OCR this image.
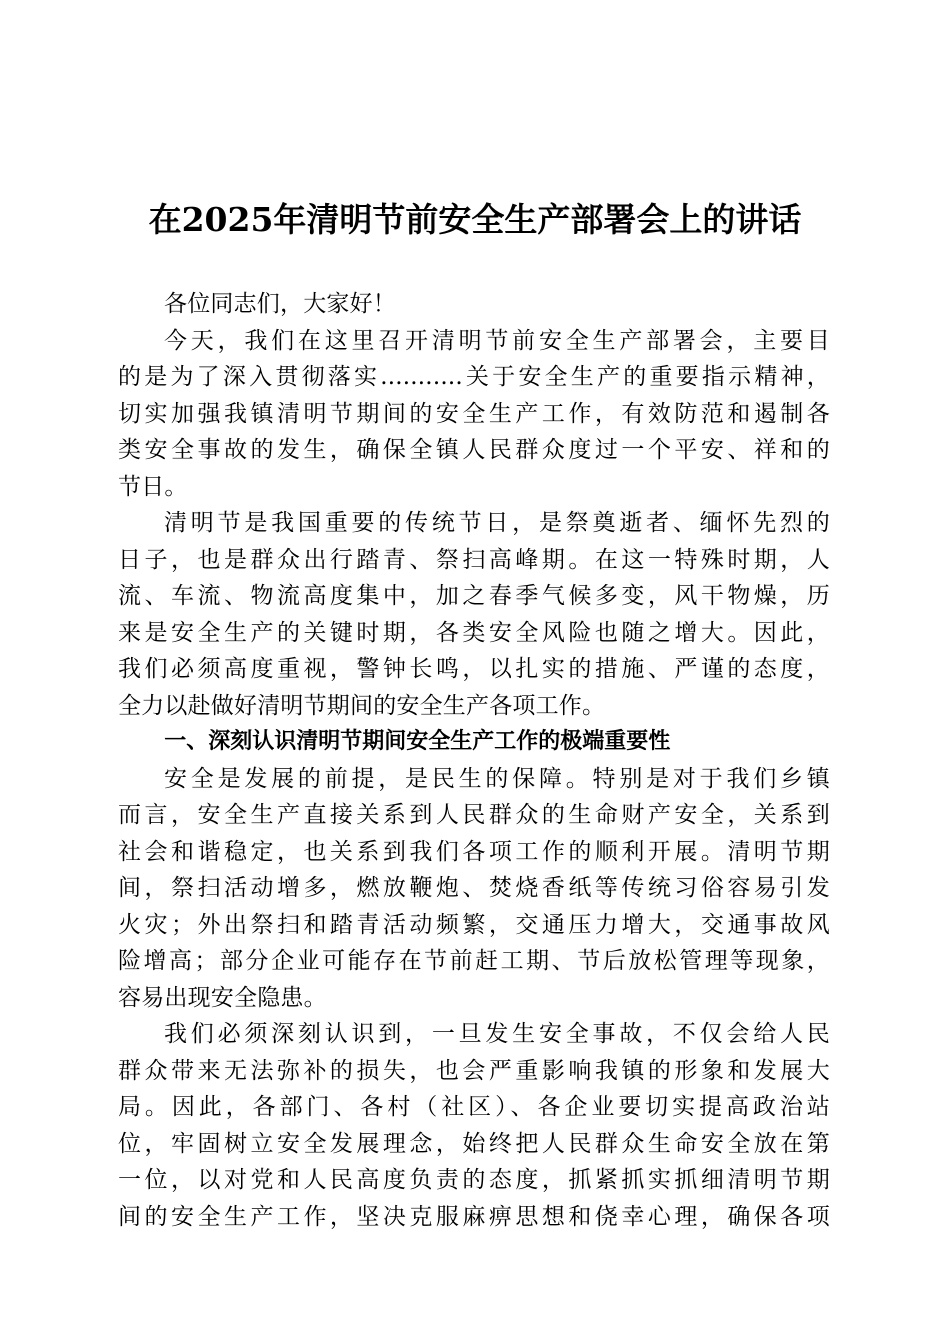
在2025年清明节前安全生产部署会上的讲话

各位同志们，大家好！

今天，我们在这里召开清明节前安全生产部署会，主要目
的是为了深入贯彻落实...........关于安全生产的重要指示精神，
切实加强我镇清明节期间的安全生产工作，有效防范和遏制各
类安全事故的发生，确保全镇人民群众度过一个平安、祥和的
节日。

清明节是我国重要的传统节日，是祭奠逝者、缅怀先烈的
日子，也是群众出行踏青、祭扫高峰期。在这一特殊时期，人
流、车流、物流高度集中，加之春季气候多变，风干物燥，历
来是安全生产的关键时期，各类安全风险也随之增大。因此，
我们必须高度重视，警钟长鸣，以扎实的措施、严谨的态度，
全力以赴做好清明节期间的安全生产各项工作。

一、深刻认识清明节期间安全生产工作的极端重要性

安全是发展的前提，是民生的保障。特别是对于我们乡镇
而言，安全生产直接关系到人民群众的生命财产安全，关系到
社会和谐稳定，也关系到我们各项工作的顺利开展。清明节期
间，祭扫活动增多，燃放鞭炮、焚烧香纸等传统习俗容易引发
火灾；外出祭扫和踏青活动频繁，交通压力增大，交通事故风
险增高；部分企业可能存在节前赶工期、节后放松管理等现象，
容易出现安全隐患。

我们必须深刻认识到，一旦发生安全事故，不仅会给人民
群众带来无法弥补的损失，也会严重影响我镇的形象和发展大
局。因此，各部门、各村（社区）、各企业要切实提高政治站
位，牢固树立安全发展理念，始终把人民群众生命安全放在第
一位，以对党和人民高度负责的态度，抓紧抓实抓细清明节期
间的安全生产工作，坚决克服麻痹思想和侥幸心理，确保各项
